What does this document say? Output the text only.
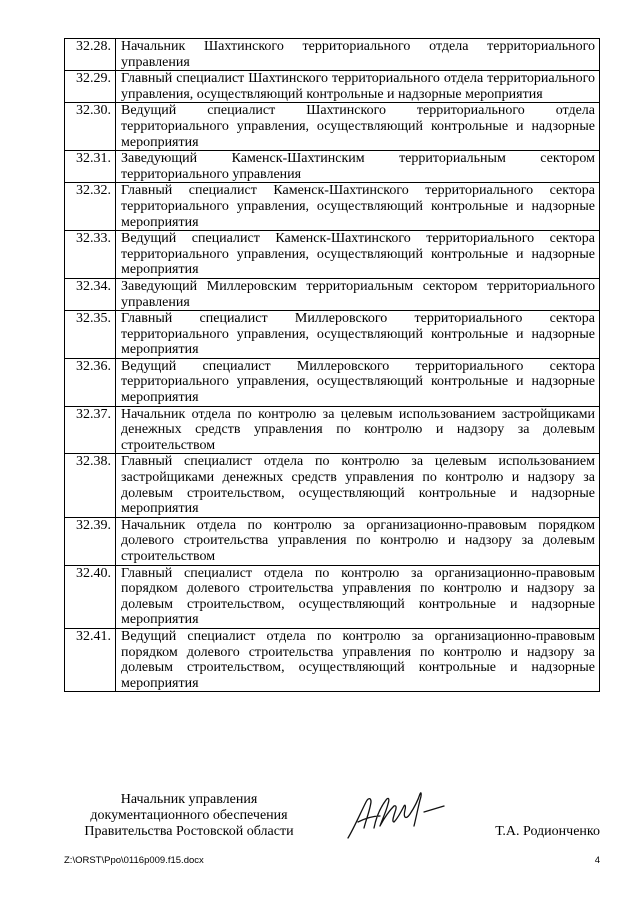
32.28.	Начальник Шахтинского территориального отдела территориального управления
32.29.	Главный специалист Шахтинского территориального отдела территориального управления, осуществляющий контрольные и надзорные мероприятия
32.30.	Ведущий специалист Шахтинского территориального отдела территориального управления, осуществляющий контрольные и надзорные мероприятия
32.31.	Заведующий Каменск-Шахтинским территориальным сектором территориального управления
32.32.	Главный специалист Каменск-Шахтинского территориального сектора территориального управления, осуществляющий контрольные и надзорные мероприятия
32.33.	Ведущий специалист Каменск-Шахтинского территориального сектора территориального управления, осуществляющий контрольные и надзорные мероприятия
32.34.	Заведующий Миллеровским территориальным сектором территориального управления
32.35.	Главный специалист Миллеровского территориального сектора территориального управления, осуществляющий контрольные и надзорные мероприятия
32.36.	Ведущий специалист Миллеровского территориального сектора территориального управления, осуществляющий контрольные и надзорные мероприятия
32.37.	Начальник отдела по контролю за целевым использованием застройщиками денежных средств управления по контролю и надзору за долевым строительством
32.38.	Главный специалист отдела по контролю за целевым использованием застройщиками денежных средств управления по контролю и надзору за долевым строительством, осуществляющий контрольные и надзорные мероприятия
32.39.	Начальник отдела по контролю за организационно-правовым порядком долевого строительства управления по контролю и надзору за долевым строительством
32.40.	Главный специалист отдела по контролю за организационно-правовым порядком долевого строительства управления по контролю и надзору за долевым строительством, осуществляющий контрольные и надзорные мероприятия
32.41.	Ведущий специалист отдела по контролю за организационно-правовым порядком долевого строительства управления по контролю и надзору за долевым строительством, осуществляющий контрольные и надзорные мероприятия
Начальник управления
документационного обеспечения
Правительства Ростовской области	Т.А. Родионченко
Z:\ORST\Ppo\0116p009.f15.docx	4
